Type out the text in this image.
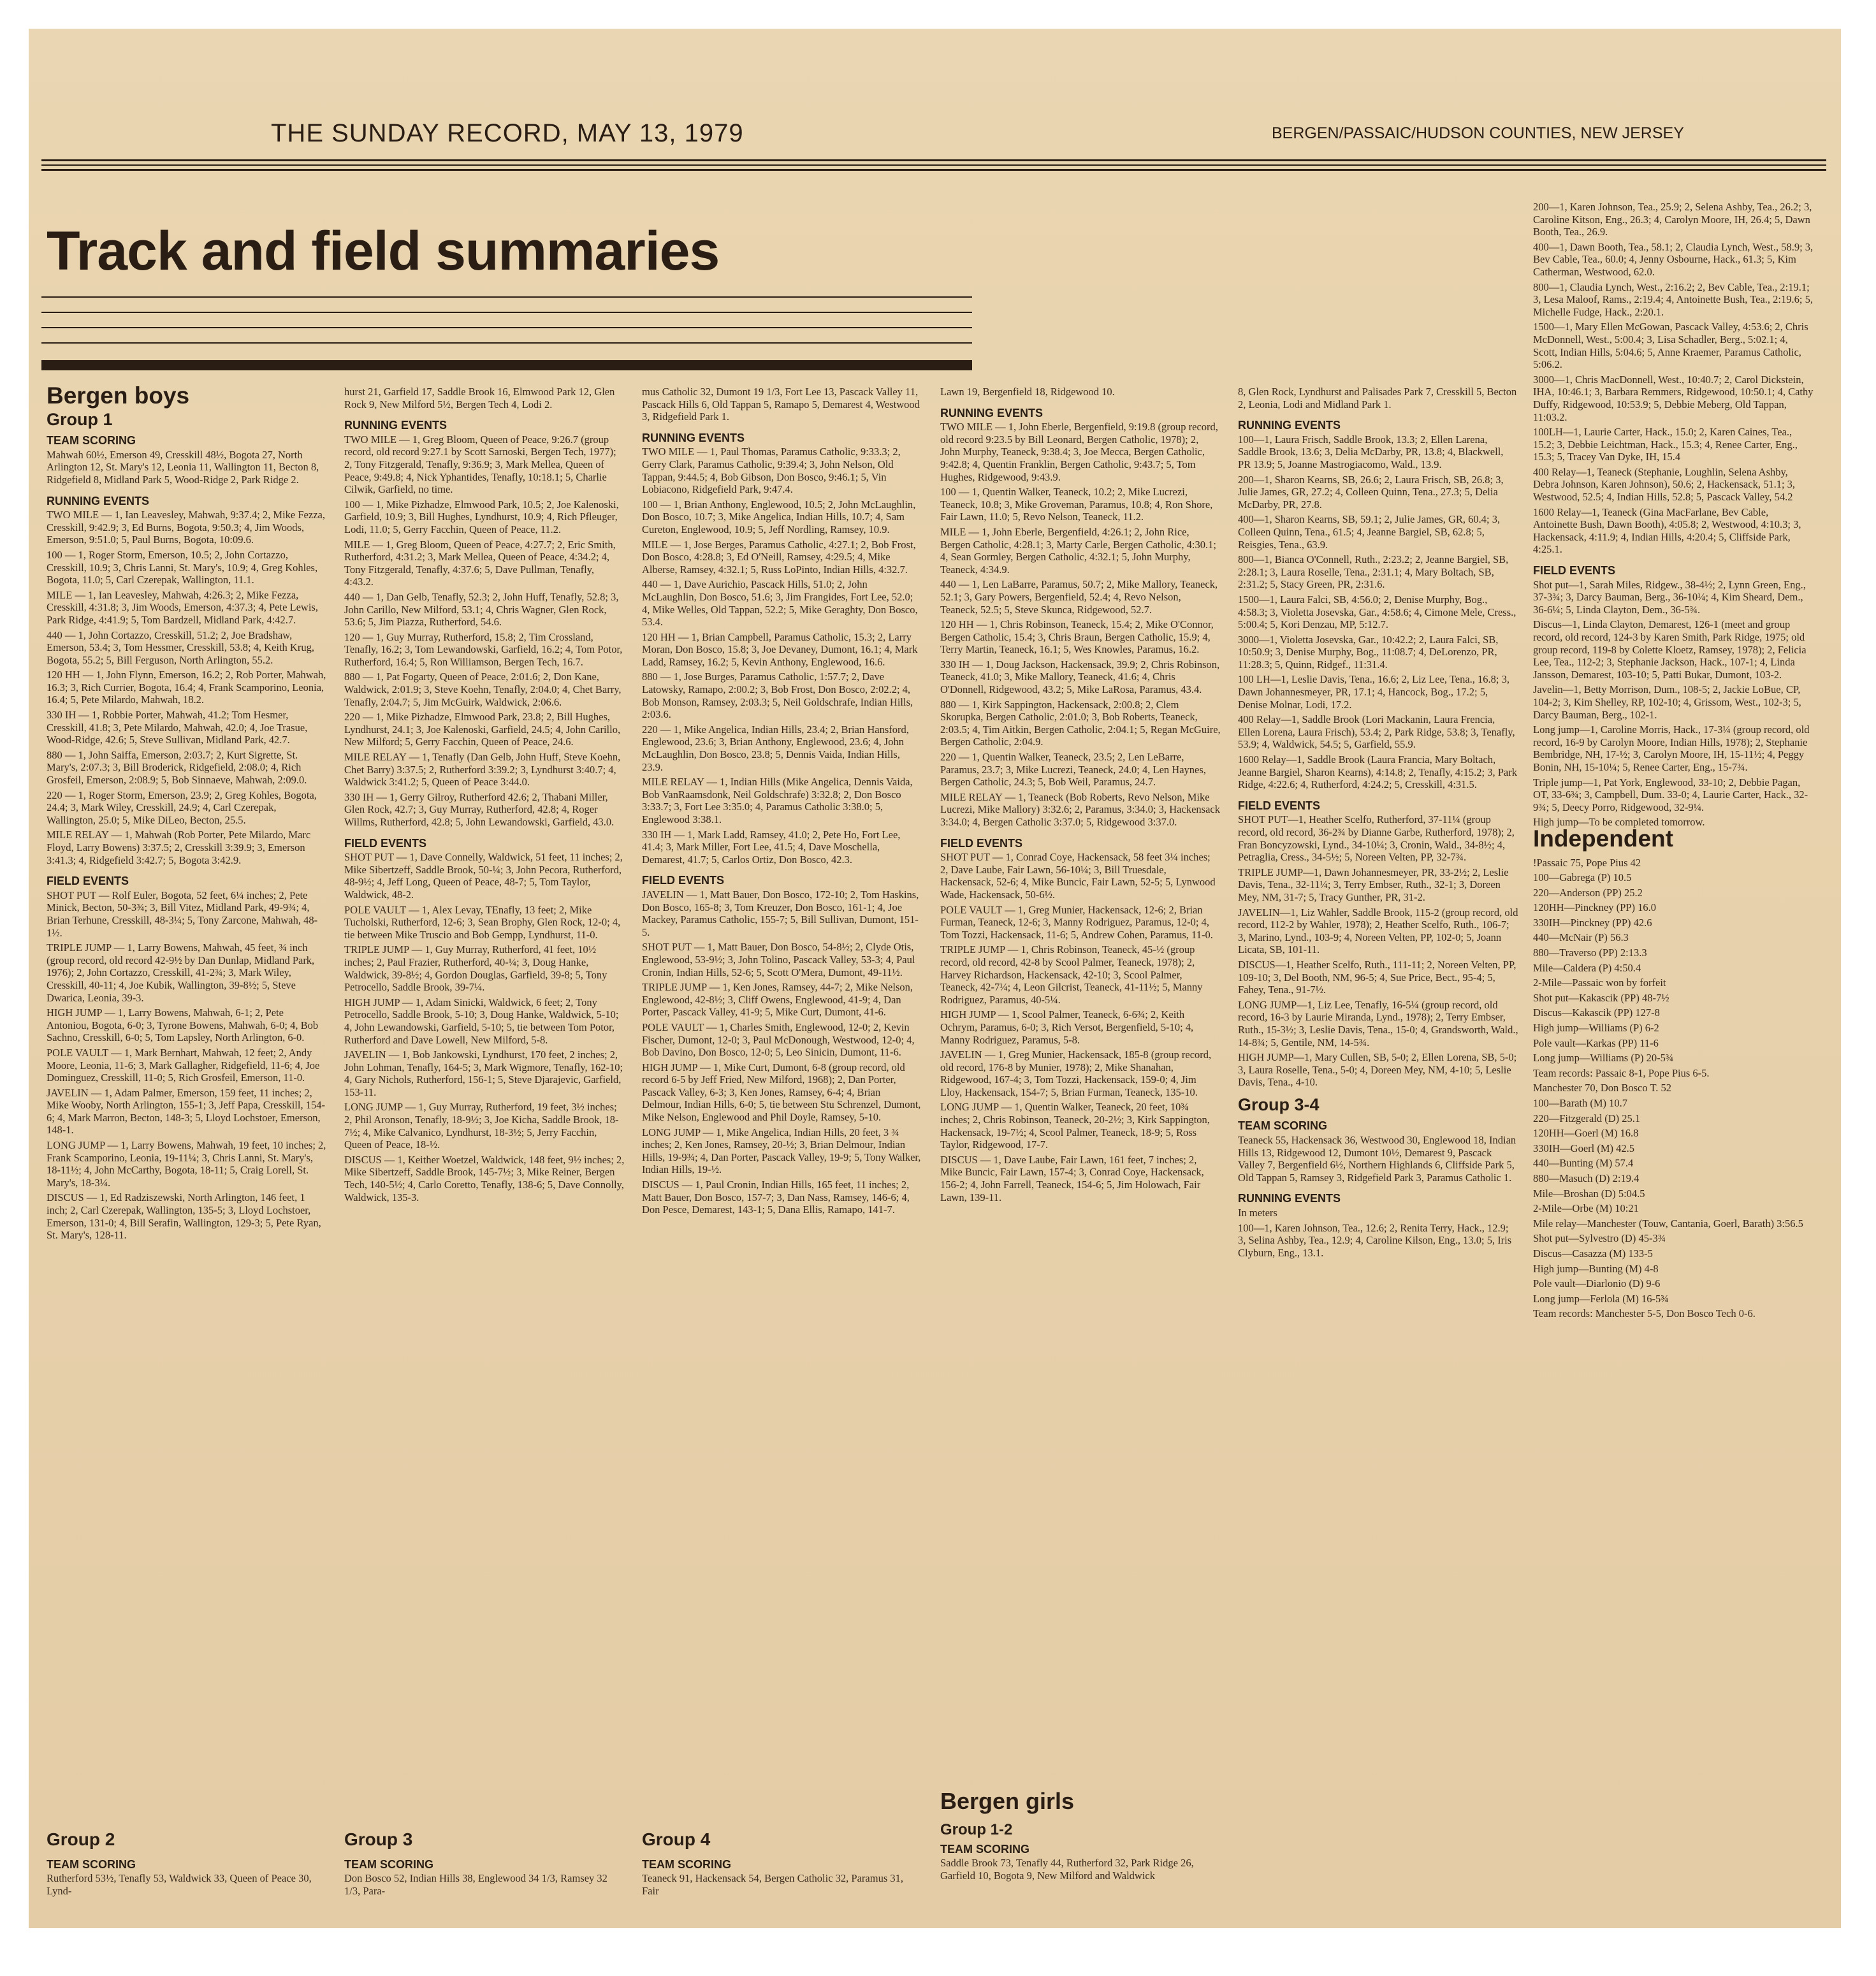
THE SUNDAY RECORD, MAY 13, 1979	BERGEN/PASSAIC/HUDSON COUNTIES, NEW JERSEY
Track and field summaries
Bergen boys
Group 1
TEAM SCORING

Mahwah 60½, Emerson 49, Cresskill 48½, Bogota 27, North Arlington 12, St. Mary's 12, Leonia 11, Wallington 11, Becton 8, Ridgefield 8, Midland Park 5, Wood-Ridge 2, Park Ridge 2.

RUNNING EVENTS

TWO MILE — 1, Ian Leavesley, Mahwah, 9:37.4; 2, Mike Fezza, Cresskill, 9:42.9; 3, Ed Burns, Bogota, 9:50.3; 4, Jim Woods, Emerson, 9:51.0; 5, Paul Burns, Bogota, 10:09.6.

100 — 1, Roger Storm, Emerson, 10.5; 2, John Cortazzo, Cresskill, 10.9; 3, Chris Lanni, St. Mary's, 10.9; 4, Greg Kohles, Bogota, 11.0; 5, Carl Czerepak, Wallington, 11.1.

MILE — 1, Ian Leavesley, Mahwah, 4:26.3; 2, Mike Fezza, Cresskill, 4:31.8; 3, Jim Woods, Emerson, 4:37.3; 4, Pete Lewis, Park Ridge, 4:41.9; 5, Tom Bardzell, Midland Park, 4:42.7.

440 — 1, John Cortazzo, Cresskill, 51.2; 2, Joe Bradshaw, Emerson, 53.4; 3, Tom Hessmer, Cresskill, 53.8; 4, Keith Krug, Bogota, 55.2; 5, Bill Ferguson, North Arlington, 55.2.

120 HH — 1, John Flynn, Emerson, 16.2; 2, Rob Porter, Mahwah, 16.3; 3, Rich Currier, Bogota, 16.4; 4, Frank Scamporino, Leonia, 16.4; 5, Pete Milardo, Mahwah, 18.2.

330 IH — 1, Robbie Porter, Mahwah, 41.2; Tom Hesmer, Cresskill, 41.8; 3, Pete Milardo, Mahwah, 42.0; 4, Joe Trasue, Wood-Ridge, 42.6; 5, Steve Sullivan, Midland Park, 42.7.

880 — 1, John Saiffa, Emerson, 2:03.7; 2, Kurt Sigrette, St. Mary's, 2:07.3; 3, Bill Broderick, Ridgefield, 2:08.0; 4, Rich Grosfeil, Emerson, 2:08.9; 5, Bob Sinnaeve, Mahwah, 2:09.0.

220 — 1, Roger Storm, Emerson, 23.9; 2, Greg Kohles, Bogota, 24.4; 3, Mark Wiley, Cresskill, 24.9; 4, Carl Czerepak, Wallington, 25.0; 5, Mike DiLeo, Becton, 25.5.

MILE RELAY — 1, Mahwah (Rob Porter, Pete Milardo, Marc Floyd, Larry Bowens) 3:37.5; 2, Cresskill 3:39.9; 3, Emerson 3:41.3; 4, Ridgefield 3:42.7; 5, Bogota 3:42.9.

FIELD EVENTS

SHOT PUT — Rolf Euler, Bogota, 52 feet, 6¼ inches; 2, Pete Minick, Becton, 50-3¾; 3, Bill Vitez, Midland Park, 49-9¾; 4, Brian Terhune, Cresskill, 48-3¼; 5, Tony Zarcone, Mahwah, 48-1½.

TRIPLE JUMP — 1, Larry Bowens, Mahwah, 45 feet, ¾ inch (group record, old record 42-9½ by Dan Dunlap, Midland Park, 1976); 2, John Cortazzo, Cresskill, 41-2¾; 3, Mark Wiley, Cresskill, 40-11; 4, Joe Kubik, Wallington, 39-8½; 5, Steve Dwarica, Leonia, 39-3.

HIGH JUMP — 1, Larry Bowens, Mahwah, 6-1; 2, Pete Antoniou, Bogota, 6-0; 3, Tyrone Bowens, Mahwah, 6-0; 4, Bob Sachno, Cresskill, 6-0; 5, Tom Lapsley, North Arlington, 6-0.

POLE VAULT — 1, Mark Bernhart, Mahwah, 12 feet; 2, Andy Moore, Leonia, 11-6; 3, Mark Gallagher, Ridgefield, 11-6; 4, Joe Dominguez, Cresskill, 11-0; 5, Rich Grosfeil, Emerson, 11-0.

JAVELIN — 1, Adam Palmer, Emerson, 159 feet, 11 inches; 2, Mike Wooby, North Arlington, 155-1; 3, Jeff Papa, Cresskill, 154-6; 4, Mark Marron, Becton, 148-3; 5, Lloyd Lochstoer, Emerson, 148-1.

LONG JUMP — 1, Larry Bowens, Mahwah, 19 feet, 10 inches; 2, Frank Scamporino, Leonia, 19-11¼; 3, Chris Lanni, St. Mary's, 18-11½; 4, John McCarthy, Bogota, 18-11; 5, Craig Lorell, St. Mary's, 18-3¼.

DISCUS — 1, Ed Radziszewski, North Arlington, 146 feet, 1 inch; 2, Carl Czerepak, Wallington, 135-5; 3, Lloyd Lochstoer, Emerson, 131-0; 4, Bill Serafin, Wallington, 129-3; 5, Pete Ryan, St. Mary's, 128-11.

hurst 21, Garfield 17, Saddle Brook 16, Elmwood Park 12, Glen Rock 9, New Milford 5½, Bergen Tech 4, Lodi 2.

RUNNING EVENTS

TWO MILE — 1, Greg Bloom, Queen of Peace, 9:26.7 (group record, old record 9:27.1 by Scott Sarnoski, Bergen Tech, 1977); 2, Tony Fitzgerald, Tenafly, 9:36.9; 3, Mark Mellea, Queen of Peace, 9:49.8; 4, Nick Yphantides, Tenafly, 10:18.1; 5, Charlie Cilwik, Garfield, no time.

100 — 1, Mike Pizhadze, Elmwood Park, 10.5; 2, Joe Kalenoski, Garfield, 10.9; 3, Bill Hughes, Lyndhurst, 10.9; 4, Rich Pfleuger, Lodi, 11.0; 5, Gerry Facchin, Queen of Peace, 11.2.

MILE — 1, Greg Bloom, Queen of Peace, 4:27.7; 2, Eric Smith, Rutherford, 4:31.2; 3, Mark Mellea, Queen of Peace, 4:34.2; 4, Tony Fitzgerald, Tenafly, 4:37.6; 5, Dave Pullman, Tenafly, 4:43.2.

440 — 1, Dan Gelb, Tenafly, 52.3; 2, John Huff, Tenafly, 52.8; 3, John Carillo, New Milford, 53.1; 4, Chris Wagner, Glen Rock, 53.6; 5, Jim Piazza, Rutherford, 54.6.

120 — 1, Guy Murray, Rutherford, 15.8; 2, Tim Crossland, Tenafly, 16.2; 3, Tom Lewandowski, Garfield, 16.2; 4, Tom Potor, Rutherford, 16.4; 5, Ron Williamson, Bergen Tech, 16.7.

880 — 1, Pat Fogarty, Queen of Peace, 2:01.6; 2, Don Kane, Waldwick, 2:01.9; 3, Steve Koehn, Tenafly, 2:04.0; 4, Chet Barry, Tenafly, 2:04.7; 5, Jim McGuirk, Waldwick, 2:06.6.

220 — 1, Mike Pizhadze, Elmwood Park, 23.8; 2, Bill Hughes, Lyndhurst, 24.1; 3, Joe Kalenoski, Garfield, 24.5; 4, John Carillo, New Milford; 5, Gerry Facchin, Queen of Peace, 24.6.

MILE RELAY — 1, Tenafly (Dan Gelb, John Huff, Steve Koehn, Chet Barry) 3:37.5; 2, Rutherford 3:39.2; 3, Lyndhurst 3:40.7; 4, Waldwick 3:41.2; 5, Queen of Peace 3:44.0.

330 IH — 1, Gerry Gilroy, Rutherford 42.6; 2, Thabani Miller, Glen Rock, 42.7; 3, Guy Murray, Rutherford, 42.8; 4, Roger Willms, Rutherford, 42.8; 5, John Lewandowski, Garfield, 43.0.

FIELD EVENTS

SHOT PUT — 1, Dave Connelly, Waldwick, 51 feet, 11 inches; 2, Mike Sibertzeff, Saddle Brook, 50-¼; 3, John Pecora, Rutherford, 48-9½; 4, Jeff Long, Queen of Peace, 48-7; 5, Tom Taylor, Waldwick, 48-2.

POLE VAULT — 1, Alex Levay, TEnafly, 13 feet; 2, Mike Tucholski, Rutherford, 12-6; 3, Sean Brophy, Glen Rock, 12-0; 4, tie between Mike Truscio and Bob Gempp, Lyndhurst, 11-0.

TRIPLE JUMP — 1, Guy Murray, Rutherford, 41 feet, 10½ inches; 2, Paul Frazier, Rutherford, 40-¼; 3, Doug Hanke, Waldwick, 39-8½; 4, Gordon Douglas, Garfield, 39-8; 5, Tony Petrocello, Saddle Brook, 39-7¼.

HIGH JUMP — 1, Adam Sinicki, Waldwick, 6 feet; 2, Tony Petrocello, Saddle Brook, 5-10; 3, Doug Hanke, Waldwick, 5-10; 4, John Lewandowski, Garfield, 5-10; 5, tie between Tom Potor, Rutherford and Dave Lowell, New Milford, 5-8.

JAVELIN — 1, Bob Jankowski, Lyndhurst, 170 feet, 2 inches; 2, John Lohman, Tenafly, 164-5; 3, Mark Wigmore, Tenafly, 162-10; 4, Gary Nichols, Rutherford, 156-1; 5, Steve Djarajevic, Garfield, 153-11.

LONG JUMP — 1, Guy Murray, Rutherford, 19 feet, 3½ inches; 2, Phil Aronson, Tenafly, 18-9½; 3, Joe Kicha, Saddle Brook, 18-7½; 4, Mike Calvanico, Lyndhurst, 18-3½; 5, Jerry Facchin, Queen of Peace, 18-½.

DISCUS — 1, Keither Woetzel, Waldwick, 148 feet, 9½ inches; 2, Mike Sibertzeff, Saddle Brook, 145-7½; 3, Mike Reiner, Bergen Tech, 140-5½; 4, Carlo Coretto, Tenafly, 138-6; 5, Dave Connolly, Waldwick, 135-3.

mus Catholic 32, Dumont 19 1/3, Fort Lee 13, Pascack Valley 11, Pascack Hills 6, Old Tappan 5, Ramapo 5, Demarest 4, Westwood 3, Ridgefield Park 1.

RUNNING EVENTS

TWO MILE — 1, Paul Thomas, Paramus Catholic, 9:33.3; 2, Gerry Clark, Paramus Catholic, 9:39.4; 3, John Nelson, Old Tappan, 9:44.5; 4, Bob Gibson, Don Bosco, 9:46.1; 5, Vin Lobiacono, Ridgefield Park, 9:47.4.

100 — 1, Brian Anthony, Englewood, 10.5; 2, John McLaughlin, Don Bosco, 10.7; 3, Mike Angelica, Indian Hills, 10.7; 4, Sam Cureton, Englewood, 10.9; 5, Jeff Nordling, Ramsey, 10.9.

MILE — 1, Jose Berges, Paramus Catholic, 4:27.1; 2, Bob Frost, Don Bosco, 4:28.8; 3, Ed O'Neill, Ramsey, 4:29.5; 4, Mike Alberse, Ramsey, 4:32.1; 5, Russ LoPinto, Indian Hills, 4:32.7.

440 — 1, Dave Aurichio, Pascack Hills, 51.0; 2, John McLaughlin, Don Bosco, 51.6; 3, Jim Frangides, Fort Lee, 52.0; 4, Mike Welles, Old Tappan, 52.2; 5, Mike Geraghty, Don Bosco, 53.4.

120 HH — 1, Brian Campbell, Paramus Catholic, 15.3; 2, Larry Moran, Don Bosco, 15.8; 3, Joe Devaney, Dumont, 16.1; 4, Mark Ladd, Ramsey, 16.2; 5, Kevin Anthony, Englewood, 16.6.

880 — 1, Jose Burges, Paramus Catholic, 1:57.7; 2, Dave Latowsky, Ramapo, 2:00.2; 3, Bob Frost, Don Bosco, 2:02.2; 4, Bob Monson, Ramsey, 2:03.3; 5, Neil Goldschrafe, Indian Hills, 2:03.6.

220 — 1, Mike Angelica, Indian Hills, 23.4; 2, Brian Hansford, Englewood, 23.6; 3, Brian Anthony, Englewood, 23.6; 4, John McLaughlin, Don Bosco, 23.8; 5, Dennis Vaida, Indian Hills, 23.9.

MILE RELAY — 1, Indian Hills (Mike Angelica, Dennis Vaida, Bob VanRaamsdonk, Neil Goldschrafe) 3:32.8; 2, Don Bosco 3:33.7; 3, Fort Lee 3:35.0; 4, Paramus Catholic 3:38.0; 5, Englewood 3:38.1.

330 IH — 1, Mark Ladd, Ramsey, 41.0; 2, Pete Ho, Fort Lee, 41.4; 3, Mark Miller, Fort Lee, 41.5; 4, Dave Moschella, Demarest, 41.7; 5, Carlos Ortiz, Don Bosco, 42.3.

FIELD EVENTS

JAVELIN — 1, Matt Bauer, Don Bosco, 172-10; 2, Tom Haskins, Don Bosco, 165-8; 3, Tom Kreuzer, Don Bosco, 161-1; 4, Joe Mackey, Paramus Catholic, 155-7; 5, Bill Sullivan, Dumont, 151-5.

SHOT PUT — 1, Matt Bauer, Don Bosco, 54-8½; 2, Clyde Otis, Englewood, 53-9½; 3, John Tolino, Pascack Valley, 53-3; 4, Paul Cronin, Indian Hills, 52-6; 5, Scott O'Mera, Dumont, 49-11½.

TRIPLE JUMP — 1, Ken Jones, Ramsey, 44-7; 2, Mike Nelson, Englewood, 42-8½; 3, Cliff Owens, Englewood, 41-9; 4, Dan Porter, Pascack Valley, 41-9; 5, Mike Curt, Dumont, 41-6.

POLE VAULT — 1, Charles Smith, Englewood, 12-0; 2, Kevin Fischer, Dumont, 12-0; 3, Paul McDonough, Westwood, 12-0; 4, Bob Davino, Don Bosco, 12-0; 5, Leo Sinicin, Dumont, 11-6.

HIGH JUMP — 1, Mike Curt, Dumont, 6-8 (group record, old record 6-5 by Jeff Fried, New Milford, 1968); 2, Dan Porter, Pascack Valley, 6-3; 3, Ken Jones, Ramsey, 6-4; 4, Brian Delmour, Indian Hills, 6-0; 5, tie between Stu Schrenzel, Dumont, Mike Nelson, Englewood and Phil Doyle, Ramsey, 5-10.

LONG JUMP — 1, Mike Angelica, Indian Hills, 20 feet, 3 ¾ inches; 2, Ken Jones, Ramsey, 20-½; 3, Brian Delmour, Indian Hills, 19-9¾; 4, Dan Porter, Pascack Valley, 19-9; 5, Tony Walker, Indian Hills, 19-½.

DISCUS — 1, Paul Cronin, Indian Hills, 165 feet, 11 inches; 2, Matt Bauer, Don Bosco, 157-7; 3, Dan Nass, Ramsey, 146-6; 4, Don Pesce, Demarest, 143-1; 5, Dana Ellis, Ramapo, 141-7.

Lawn 19, Bergenfield 18, Ridgewood 10.

RUNNING EVENTS

TWO MILE — 1, John Eberle, Bergenfield, 9:19.8 (group record, old record 9:23.5 by Bill Leonard, Bergen Catholic, 1978); 2, John Murphy, Teaneck, 9:38.4; 3, Joe Mecca, Bergen Catholic, 9:42.8; 4, Quentin Franklin, Bergen Catholic, 9:43.7; 5, Tom Hughes, Ridgewood, 9:43.9.

100 — 1, Quentin Walker, Teaneck, 10.2; 2, Mike Lucrezi, Teaneck, 10.8; 3, Mike Groveman, Paramus, 10.8; 4, Ron Shore, Fair Lawn, 11.0; 5, Revo Nelson, Teaneck, 11.2.

MILE — 1, John Eberle, Bergenfield, 4:26.1; 2, John Rice, Bergen Catholic, 4:28.1; 3, Marty Carle, Bergen Catholic, 4:30.1; 4, Sean Gormley, Bergen Catholic, 4:32.1; 5, John Murphy, Teaneck, 4:34.9.

440 — 1, Len LaBarre, Paramus, 50.7; 2, Mike Mallory, Teaneck, 52.1; 3, Gary Powers, Bergenfield, 52.4; 4, Revo Nelson, Teaneck, 52.5; 5, Steve Skunca, Ridgewood, 52.7.

120 HH — 1, Chris Robinson, Teaneck, 15.4; 2, Mike O'Connor, Bergen Catholic, 15.4; 3, Chris Braun, Bergen Catholic, 15.9; 4, Terry Martin, Teaneck, 16.1; 5, Wes Knowles, Paramus, 16.2.

330 IH — 1, Doug Jackson, Hackensack, 39.9; 2, Chris Robinson, Teaneck, 41.0; 3, Mike Mallory, Teaneck, 41.6; 4, Chris O'Donnell, Ridgewood, 43.2; 5, Mike LaRosa, Paramus, 43.4.

880 — 1, Kirk Sappington, Hackensack, 2:00.8; 2, Clem Skorupka, Bergen Catholic, 2:01.0; 3, Bob Roberts, Teaneck, 2:03.5; 4, Tim Aitkin, Bergen Catholic, 2:04.1; 5, Regan McGuire, Bergen Catholic, 2:04.9.

220 — 1, Quentin Walker, Teaneck, 23.5; 2, Len LeBarre, Paramus, 23.7; 3, Mike Lucrezi, Teaneck, 24.0; 4, Len Haynes, Bergen Catholic, 24.3; 5, Bob Weil, Paramus, 24.7.

MILE RELAY — 1, Teaneck (Bob Roberts, Revo Nelson, Mike Lucrezi, Mike Mallory) 3:32.6; 2, Paramus, 3:34.0; 3, Hackensack 3:34.0; 4, Bergen Catholic 3:37.0; 5, Ridgewood 3:37.0.

FIELD EVENTS

SHOT PUT — 1, Conrad Coye, Hackensack, 58 feet 3¼ inches; 2, Dave Laube, Fair Lawn, 56-10¼; 3, Bill Truesdale, Hackensack, 52-6; 4, Mike Buncic, Fair Lawn, 52-5; 5, Lynwood Wade, Hackensack, 50-6½.

POLE VAULT — 1, Greg Munier, Hackensack, 12-6; 2, Brian Furman, Teaneck, 12-6; 3, Manny Rodriguez, Paramus, 12-0; 4, Tom Tozzi, Hackensack, 11-6; 5, Andrew Cohen, Paramus, 11-0.

TRIPLE JUMP — 1, Chris Robinson, Teaneck, 45-½ (group record, old record, 42-8 by Scool Palmer, Teaneck, 1978); 2, Harvey Richardson, Hackensack, 42-10; 3, Scool Palmer, Teaneck, 42-7¼; 4, Leon Gilcrist, Teaneck, 41-11½; 5, Manny Rodriguez, Paramus, 40-5¼.

HIGH JUMP — 1, Scool Palmer, Teaneck, 6-6¾; 2, Keith Ochrym, Paramus, 6-0; 3, Rich Versot, Bergenfield, 5-10; 4, Manny Rodriguez, Paramus, 5-8.

JAVELIN — 1, Greg Munier, Hackensack, 185-8 (group record, old record, 176-8 by Munier, 1978); 2, Mike Shanahan, Ridgewood, 167-4; 3, Tom Tozzi, Hackensack, 159-0; 4, Jim Lloy, Hackensack, 154-7; 5, Brian Furman, Teaneck, 135-10.

LONG JUMP — 1, Quentin Walker, Teaneck, 20 feet, 10¾ inches; 2, Chris Robinson, Teaneck, 20-2½; 3, Kirk Sappington, Hackensack, 19-7½; 4, Scool Palmer, Teaneck, 18-9; 5, Ross Taylor, Ridgewood, 17-7.

DISCUS — 1, Dave Laube, Fair Lawn, 161 feet, 7 inches; 2, Mike Buncic, Fair Lawn, 157-4; 3, Conrad Coye, Hackensack, 156-2; 4, John Farrell, Teaneck, 154-6; 5, Jim Holowach, Fair Lawn, 139-11.

8, Glen Rock, Lyndhurst and Palisades Park 7, Cresskill 5, Becton 2, Leonia, Lodi and Midland Park 1.

RUNNING EVENTS

100—1, Laura Frisch, Saddle Brook, 13.3; 2, Ellen Larena, Saddle Brook, 13.6; 3, Delia McDarby, PR, 13.8; 4, Blackwell, PR 13.9; 5, Joanne Mastrogiacomo, Wald., 13.9.

200—1, Sharon Kearns, SB, 26.6; 2, Laura Frisch, SB, 26.8; 3, Julie James, GR, 27.2; 4, Colleen Quinn, Tena., 27.3; 5, Delia McDarby, PR, 27.8.

400—1, Sharon Kearns, SB, 59.1; 2, Julie James, GR, 60.4; 3, Colleen Quinn, Tena., 61.5; 4, Jeanne Bargiel, SB, 62.8; 5, Reisgies, Tena., 63.9.

800—1, Bianca O'Connell, Ruth., 2:23.2; 2, Jeanne Bargiel, SB, 2:28.1; 3, Laura Roselle, Tena., 2:31.1; 4, Mary Boltach, SB, 2:31.2; 5, Stacy Green, PR, 2:31.6.

1500—1, Laura Falci, SB, 4:56.0; 2, Denise Murphy, Bog., 4:58.3; 3, Violetta Josevska, Gar., 4:58.6; 4, Cimone Mele, Cress., 5:00.4; 5, Kori Denzau, MP, 5:12.7.

3000—1, Violetta Josevska, Gar., 10:42.2; 2, Laura Falci, SB, 10:50.9; 3, Denise Murphy, Bog., 11:08.7; 4, DeLorenzo, PR, 11:28.3; 5, Quinn, Ridgef., 11:31.4.

100 LH—1, Leslie Davis, Tena., 16.6; 2, Liz Lee, Tena., 16.8; 3, Dawn Johannesmeyer, PR, 17.1; 4, Hancock, Bog., 17.2; 5, Denise Molnar, Lodi, 17.2.

400 Relay—1, Saddle Brook (Lori Mackanin, Laura Frencia, Ellen Lorena, Laura Frisch), 53.4; 2, Park Ridge, 53.8; 3, Tenafly, 53.9; 4, Waldwick, 54.5; 5, Garfield, 55.9.

1600 Relay—1, Saddle Brook (Laura Francia, Mary Boltach, Jeanne Bargiel, Sharon Kearns), 4:14.8; 2, Tenafly, 4:15.2; 3, Park Ridge, 4:22.6; 4, Rutherford, 4:24.2; 5, Cresskill, 4:31.5.

FIELD EVENTS

SHOT PUT—1, Heather Scelfo, Rutherford, 37-11¼ (group record, old record, 36-2¾ by Dianne Garbe, Rutherford, 1978); 2, Fran Boncyzowski, Lynd., 34-10¼; 3, Cronin, Wald., 34-8½; 4, Petraglia, Cress., 34-5½; 5, Noreen Velten, PP, 32-7¾.

TRIPLE JUMP—1, Dawn Johannesmeyer, PR, 33-2½; 2, Leslie Davis, Tena., 32-11¼; 3, Terry Embser, Ruth., 32-1; 3, Doreen Mey, NM, 31-7; 5, Tracy Gunther, PR, 31-2.

JAVELIN—1, Liz Wahler, Saddle Brook, 115-2 (group record, old record, 112-2 by Wahler, 1978); 2, Heather Scelfo, Ruth., 106-7; 3, Marino, Lynd., 103-9; 4, Noreen Velten, PP, 102-0; 5, Joann Licata, SB, 101-11.

DISCUS—1, Heather Scelfo, Ruth., 111-11; 2, Noreen Velten, PP, 109-10; 3, Del Booth, NM, 96-5; 4, Sue Price, Bect., 95-4; 5, Fahey, Tena., 91-7½.

LONG JUMP—1, Liz Lee, Tenafly, 16-5¼ (group record, old record, 16-3 by Laurie Miranda, Lynd., 1978); 2, Terry Embser, Ruth., 15-3½; 3, Leslie Davis, Tena., 15-0; 4, Grandsworth, Wald., 14-8¾; 5, Gentile, NM, 14-5¾.

HIGH JUMP—1, Mary Cullen, SB, 5-0; 2, Ellen Lorena, SB, 5-0; 3, Laura Roselle, Tena., 5-0; 4, Doreen Mey, NM, 4-10; 5, Leslie Davis, Tena., 4-10.

Group 3-4
TEAM SCORING

Teaneck 55, Hackensack 36, Westwood 30, Englewood 18, Indian Hills 13, Ridgewood 12, Dumont 10½, Demarest 9, Pascack Valley 7, Bergenfield 6½, Northern Highlands 6, Cliffside Park 5, Old Tappan 5, Ramsey 3, Ridgefield Park 3, Paramus Catholic 1.

RUNNING EVENTS

In meters

100—1, Karen Johnson, Tea., 12.6; 2, Renita Terry, Hack., 12.9; 3, Selina Ashby, Tea., 12.9; 4, Caroline Kilson, Eng., 13.0; 5, Iris Clyburn, Eng., 13.1.

200—1, Karen Johnson, Tea., 25.9; 2, Selena Ashby, Tea., 26.2; 3, Caroline Kitson, Eng., 26.3; 4, Carolyn Moore, IH, 26.4; 5, Dawn Booth, Tea., 26.9.

400—1, Dawn Booth, Tea., 58.1; 2, Claudia Lynch, West., 58.9; 3, Bev Cable, Tea., 60.0; 4, Jenny Osbourne, Hack., 61.3; 5, Kim Catherman, Westwood, 62.0.

800—1, Claudia Lynch, West., 2:16.2; 2, Bev Cable, Tea., 2:19.1; 3, Lesa Maloof, Rams., 2:19.4; 4, Antoinette Bush, Tea., 2:19.6; 5, Michelle Fudge, Hack., 2:20.1.

1500—1, Mary Ellen McGowan, Pascack Valley, 4:53.6; 2, Chris McDonnell, West., 5:00.4; 3, Lisa Schadler, Berg., 5:02.1; 4, Scott, Indian Hills, 5:04.6; 5, Anne Kraemer, Paramus Catholic, 5:06.2.

3000—1, Chris MacDonnell, West., 10:40.7; 2, Carol Dickstein, IHA, 10:46.1; 3, Barbara Remmers, Ridgewood, 10:50.1; 4, Cathy Duffy, Ridgewood, 10:53.9; 5, Debbie Meberg, Old Tappan, 11:03.2.

100LH—1, Laurie Carter, Hack., 15.0; 2, Karen Caines, Tea., 15.2; 3, Debbie Leichtman, Hack., 15.3; 4, Renee Carter, Eng., 15.3; 5, Tracey Van Dyke, IH, 15.4

400 Relay—1, Teaneck (Stephanie, Loughlin, Selena Ashby, Debra Johnson, Karen Johnson), 50.6; 2, Hackensack, 51.1; 3, Westwood, 52.5; 4, Indian Hills, 52.8; 5, Pascack Valley, 54.2

1600 Relay—1, Teaneck (Gina MacFarlane, Bev Cable, Antoinette Bush, Dawn Booth), 4:05.8; 2, Westwood, 4:10.3; 3, Hackensack, 4:11.9; 4, Indian Hills, 4:20.4; 5, Cliffside Park, 4:25.1.

FIELD EVENTS

Shot put—1, Sarah Miles, Ridgew., 38-4½; 2, Lynn Green, Eng., 37-3¾; 3, Darcy Bauman, Berg., 36-10¼; 4, Kim Sheard, Dem., 36-6¼; 5, Linda Clayton, Dem., 36-5¾.

Discus—1, Linda Clayton, Demarest, 126-1 (meet and group record, old record, 124-3 by Karen Smith, Park Ridge, 1975; old group record, 119-8 by Colette Kloetz, Ramsey, 1978); 2, Felicia Lee, Tea., 112-2; 3, Stephanie Jackson, Hack., 107-1; 4, Linda Jansson, Demarest, 103-10; 5, Patti Bukar, Dumont, 103-2.

Javelin—1, Betty Morrison, Dum., 108-5; 2, Jackie LoBue, CP, 104-2; 3, Kim Shelley, RP, 102-10; 4, Grissom, West., 102-3; 5, Darcy Bauman, Berg., 102-1.

Long jump—1, Caroline Morris, Hack., 17-3¼ (group record, old record, 16-9 by Carolyn Moore, Indian Hills, 1978); 2, Stephanie Bembridge, NH, 17-½; 3, Carolyn Moore, IH, 15-11½; 4, Peggy Bonin, NH, 15-10¼; 5, Renee Carter, Eng., 15-7¾.

Triple jump—1, Pat York, Englewood, 33-10; 2, Debbie Pagan, OT, 33-6¾; 3, Campbell, Dum. 33-0; 4, Laurie Carter, Hack., 32-9¾; 5, Deecy Porro, Ridgewood, 32-9¼.

High jump—To be completed tomorrow.

Independent

!Passaic 75, Pope Pius 42

100—Gabrega (P) 10.5

220—Anderson (PP) 25.2

120HH—Pinckney (PP) 16.0

330IH—Pinckney (PP) 42.6

440—McNair (P) 56.3

880—Traverso (PP) 2:13.3

Mile—Caldera (P) 4:50.4

2-Mile—Passaic won by forfeit

Shot put—Kakascik (PP) 48-7½

Discus—Kakascik (PP) 127-8

High jump—Williams (P) 6-2

Pole vault—Karkas (PP) 11-6

Long jump—Williams (P) 20-5¾

Team records: Passaic 8-1, Pope Pius 6-5.

Manchester 70, Don Bosco T. 52

100—Barath (M) 10.7

220—Fitzgerald (D) 25.1

120HH—Goerl (M) 16.8

330IH—Goerl (M) 42.5

440—Bunting (M) 57.4

880—Masuch (D) 2:19.4

Mile—Broshan (D) 5:04.5

2-Mile—Orbe (M) 10:21

Mile relay—Manchester (Touw, Cantania, Goerl, Barath) 3:56.5

Shot put—Sylvestro (D) 45-3¾

Discus—Casazza (M) 133-5

High jump—Bunting (M) 4-8

Pole vault—Diarlonio (D) 9-6

Long jump—Ferlola (M) 16-5¾

Team records: Manchester 5-5, Don Bosco Tech 0-6.

Group 2
TEAM SCORING
Rutherford 53½, Tenafly 53, Waldwick 33, Queen of Peace 30, Lynd-
Group 3
TEAM SCORING
Don Bosco 52, Indian Hills 38, Englewood 34 1/3, Ramsey 32 1/3, Para-
Group 4
TEAM SCORING
Teaneck 91, Hackensack 54, Bergen Catholic 32, Paramus 31, Fair
Bergen girls
Group 1-2
TEAM SCORING
Saddle Brook 73, Tenafly 44, Rutherford 32, Park Ridge 26, Garfield 10, Bogota 9, New Milford and Waldwick
